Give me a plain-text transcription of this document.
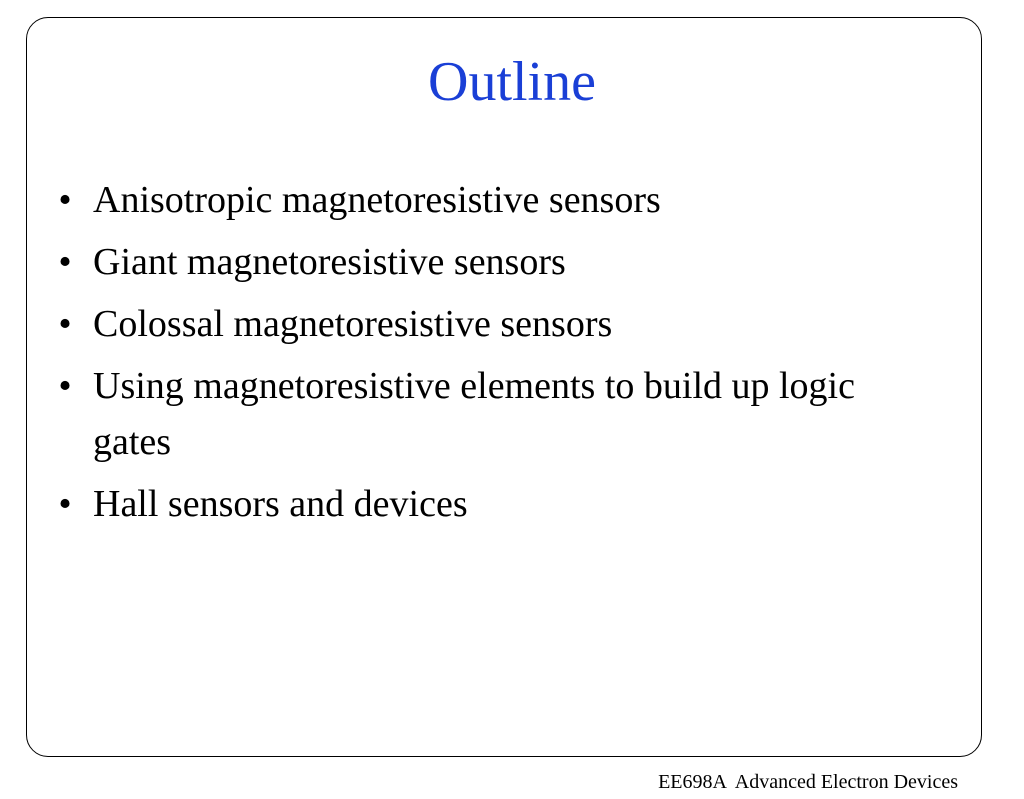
Outline
• Anisotropic magnetoresistive sensors
• Giant magnetoresistive sensors
• Colossal magnetoresistive sensors
• Using magnetoresistive elements to build up logic gates
• Hall sensors and devices
EE698A  Advanced Electron Devices
